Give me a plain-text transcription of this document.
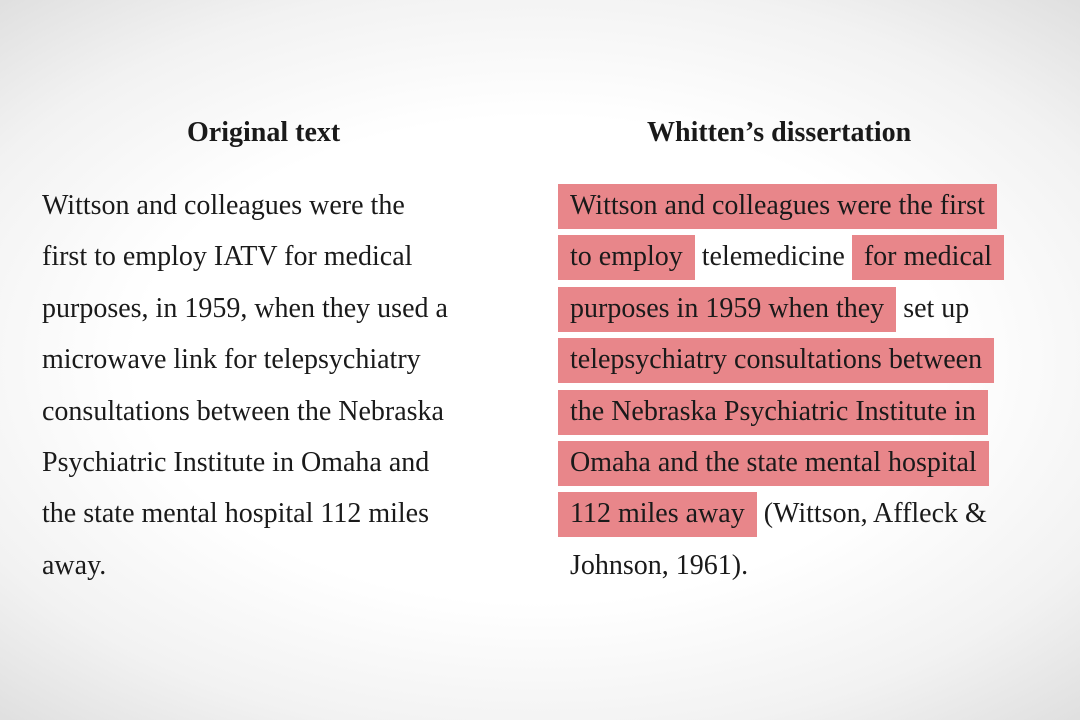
Original text	Whitten’s dissertation
Wittson and colleagues were the
first to employ IATV for medical
purposes, in 1959, when they used a
microwave link for telepsychiatry
consultations between the Nebraska
Psychiatric Institute in Omaha and
the state mental hospital 112 miles
away.
Wittson and colleagues were the first
to employ telemedicine for medical
purposes in 1959 when they set up
telepsychiatry consultations between
the Nebraska Psychiatric Institute in
Omaha and the state mental hospital
112 miles away (Wittson, Affleck &
Johnson, 1961).
